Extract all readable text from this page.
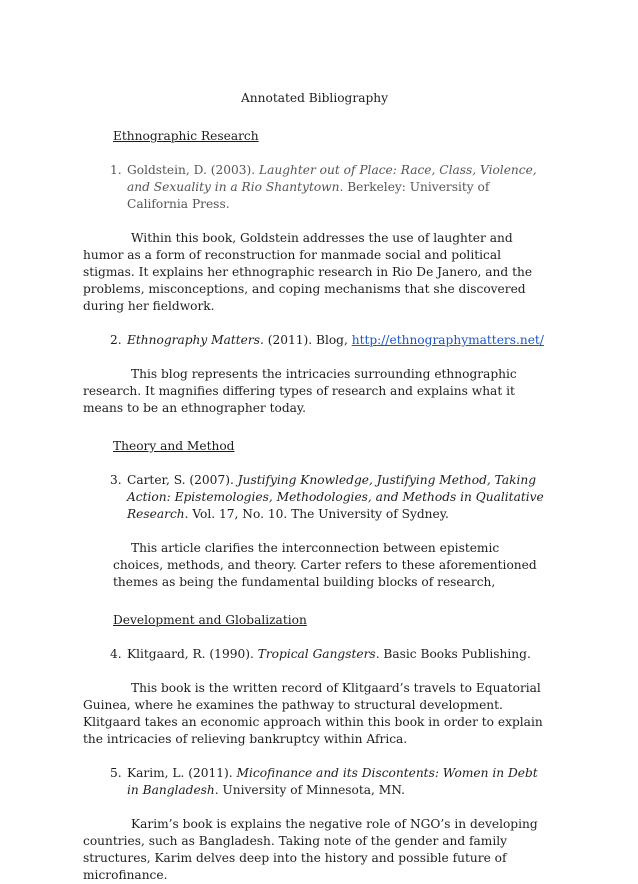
Annotated Bibliography
Ethnographic Research
1. Goldstein, D. (2003). Laughter out of Place: Race, Class, Violence, and Sexuality in a Rio Shantytown. Berkeley: University of California Press.

Within this book, Goldstein addresses the use of laughter and humor as a form of reconstruction for manmade social and political stigmas. It explains her ethnographic research in Rio De Janero, and the problems, misconceptions, and coping mechanisms that she discovered during her fieldwork.

2. Ethnography Matters. (2011). Blog, http://ethnographymatters.net/

This blog represents the intricacies surrounding ethnographic research. It magnifies differing types of research and explains what it means to be an ethnographer today.

Theory and Method
3. Carter, S. (2007). Justifying Knowledge, Justifying Method, Taking Action: Epistemologies, Methodologies, and Methods in Qualitative Research. Vol. 17, No. 10. The University of Sydney.

This article clarifies the interconnection between epistemic choices, methods, and theory. Carter refers to these aforementioned themes as being the fundamental building blocks of research,

Development and Globalization
4. Klitgaard, R. (1990). Tropical Gangsters. Basic Books Publishing.

This book is the written record of Klitgaard’s travels to Equatorial Guinea, where he examines the pathway to structural development. Klitgaard takes an economic approach within this book in order to explain the intricacies of relieving bankruptcy within Africa.

5. Karim, L. (2011). Micofinance and its Discontents: Women in Debt in Bangladesh. University of Minnesota, MN.

Karim’s book is explains the negative role of NGO’s in developing countries, such as Bangladesh. Taking note of the gender and family structures, Karim delves deep into the history and possible future of microfinance.
